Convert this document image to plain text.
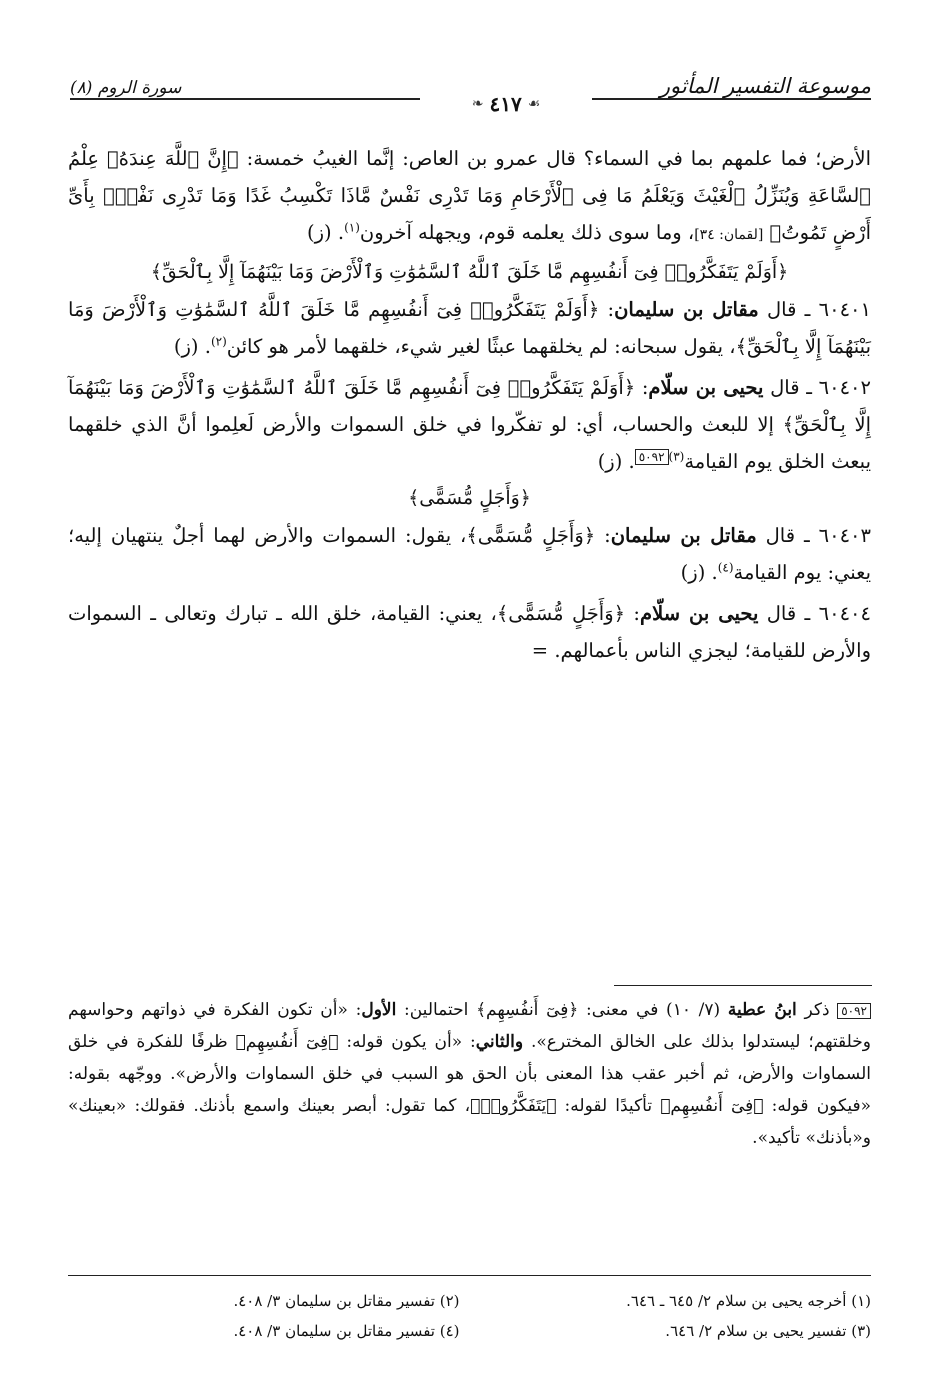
سورة الروم (٨)	موسوعة التفسير المأثور
❧ ٤١٧ ☙

الأرض؛ فما علمهم بما في السماء؟ قال عمرو بن العاص: إنَّما الغيبُ خمسة: ﴿إِنَّ ٱللَّهَ عِندَهُۥ عِلْمُ ٱلسَّاعَةِ وَيُنَزِّلُ ٱلْغَيْثَ وَيَعْلَمُ مَا فِى ٱلْأَرْحَامِ وَمَا تَدْرِى نَفْسٌ مَّاذَا تَكْسِبُ غَدًا وَمَا تَدْرِى نَفْسٌۢ بِأَىِّ أَرْضٍ تَمُوتُ﴾ [لقمان: ٣٤]، وما سوى ذلك يعلمه قوم، ويجهله آخرون$^{(١)}$. (ز)

﴿أَوَلَمْ يَتَفَكَّرُوا۟ فِىٓ أَنفُسِهِم مَّا خَلَقَ ٱللَّهُ ٱلسَّمَٰوَٰتِ وَٱلْأَرْضَ وَمَا بَيْنَهُمَآ إِلَّا بِٱلْحَقِّ﴾

٦٠٤٠١ ـ قال مقاتل بن سليمان: ﴿أَوَلَمْ يَتَفَكَّرُوا۟ فِىٓ أَنفُسِهِم مَّا خَلَقَ ٱللَّهُ ٱلسَّمَٰوَٰتِ وَٱلْأَرْضَ وَمَا بَيْنَهُمَآ إِلَّا بِٱلْحَقِّ﴾، يقول سبحانه: لم يخلقهما عبثًا لغير شيء، خلقهما لأمر هو كائن$^{(٢)}$. (ز)

٦٠٤٠٢ ـ قال يحيى بن سلّام: ﴿أَوَلَمْ يَتَفَكَّرُوا۟ فِىٓ أَنفُسِهِم مَّا خَلَقَ ٱللَّهُ ٱلسَّمَٰوَٰتِ وَٱلْأَرْضَ وَمَا بَيْنَهُمَآ إِلَّا بِٱلْحَقِّ﴾ إلا للبعث والحساب، أي: لو تفكّروا في خلق السموات والأرض لَعلِموا أنَّ الذي خلقهما يبعث الخلق يوم القيامة$^{(٣)}$٥٠٩٢. (ز)

﴿وَأَجَلٍ مُّسَمًّى﴾

٦٠٤٠٣ ـ قال مقاتل بن سليمان: ﴿وَأَجَلٍ مُّسَمًّى﴾، يقول: السموات والأرض لهما أجلٌ ينتهيان إليه؛ يعني: يوم القيامة$^{(٤)}$. (ز)

٦٠٤٠٤ ـ قال يحيى بن سلّام: ﴿وَأَجَلٍ مُّسَمًّى﴾، يعني: القيامة، خلق الله ـ تبارك وتعالى ـ السموات والأرض للقيامة؛ ليجزي الناس بأعمالهم. =

٥٠٩٢ ذكر ابنُ عطية (٧/ ١٠) في معنى: ﴿فِىٓ أَنفُسِهِم﴾ احتمالين: الأول: «أن تكون الفكرة في ذواتهم وحواسهم وخلقتهم؛ ليستدلوا بذلك على الخالق المخترع». والثاني: «أن يكون قوله: ﴿فِىٓ أَنفُسِهِم﴾ ظرفًا للفكرة في خلق السماوات والأرض، ثم أخبر عقب هذا المعنى بأن الحق هو السبب في خلق السماوات والأرض». ووجّهه بقوله: «فيكون قوله: ﴿فِىٓ أَنفُسِهِم﴾ تأكيدًا لقوله: ﴿يَتَفَكَّرُوا۟﴾، كما تقول: أبصر بعينك واسمع بأذنك. فقولك: «بعينك» و«بأذنك» تأكيد».

(١) أخرجه يحيى بن سلام ٢/ ٦٤٥ ـ ٦٤٦.
(٢) تفسير مقاتل بن سليمان ٣/ ٤٠٨.
(٣) تفسير يحيى بن سلام ٢/ ٦٤٦.
(٤) تفسير مقاتل بن سليمان ٣/ ٤٠٨.
